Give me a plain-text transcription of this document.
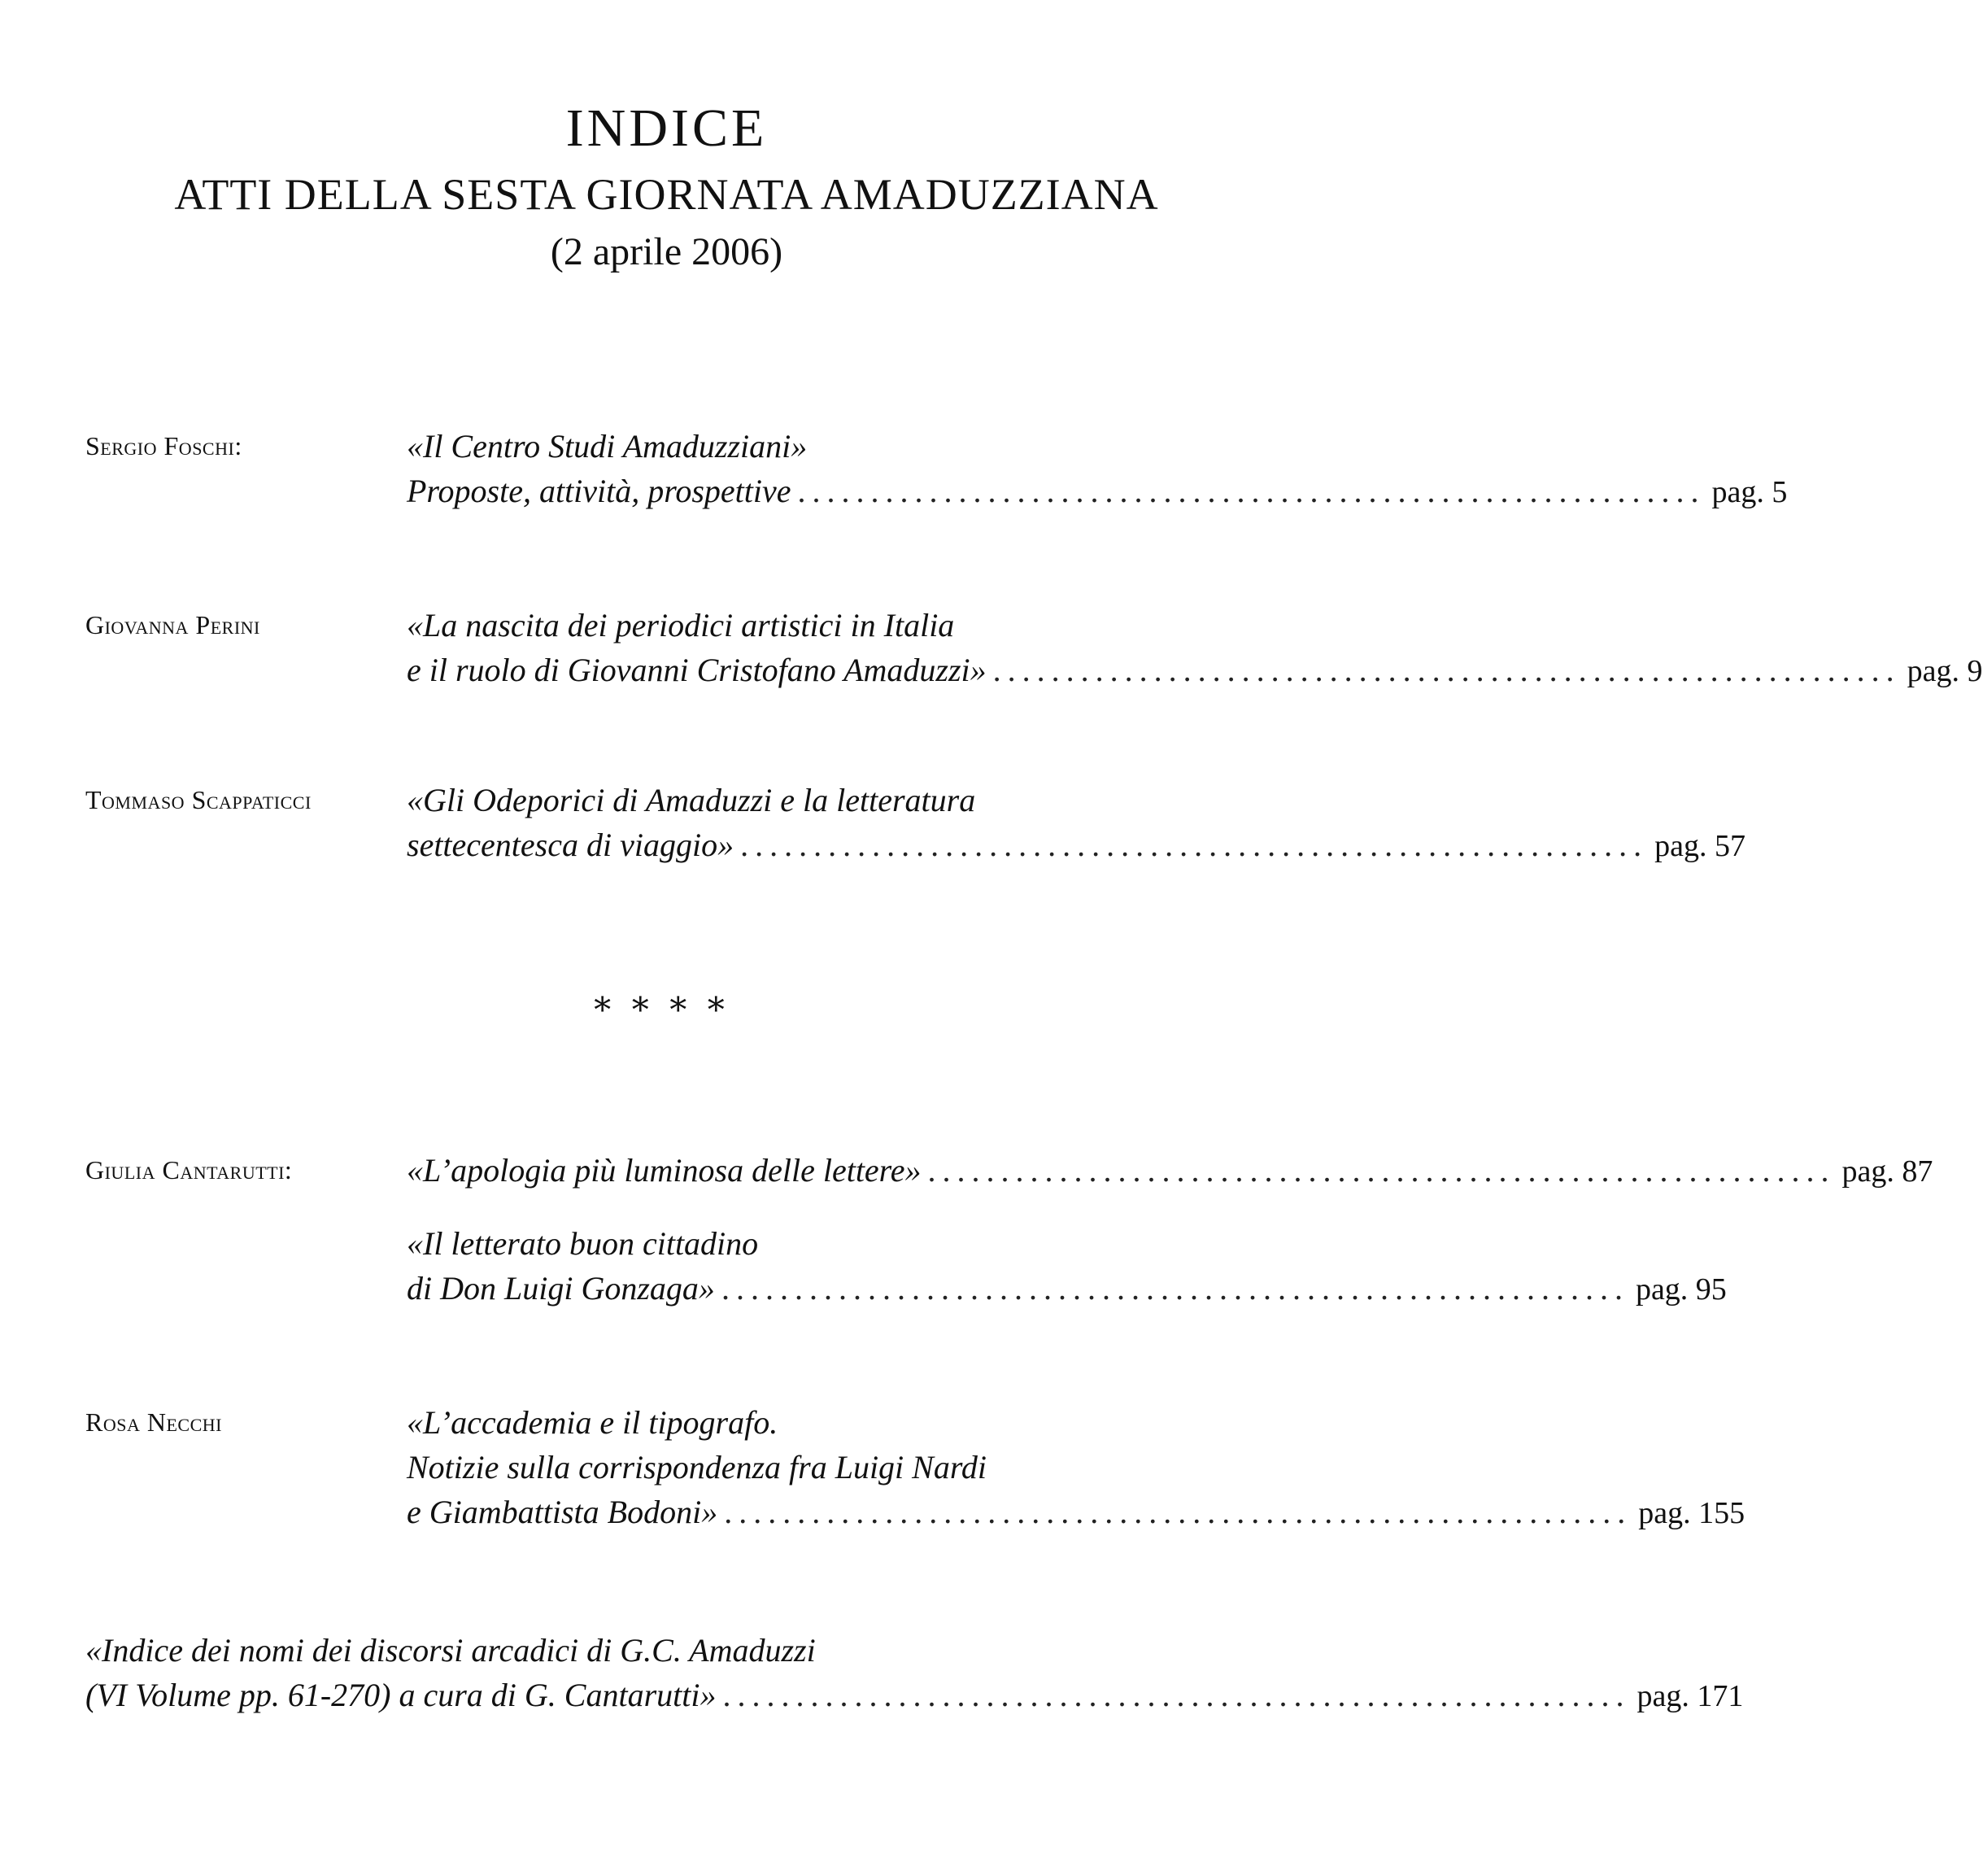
INDICE
ATTI DELLA SESTA GIORNATA AMADUZZIANA
(2 aprile 2006)
Sergio Foschi:	«Il Centro Studi Amaduzziani»
Proposte, attività, prospettive .............................................................. pag. 5
Giovanna Perini	«La nascita dei periodici artistici in Italia
e il ruolo di Giovanni Cristofano Amaduzzi» .............................................................. pag. 9
Tommaso Scappaticci	«Gli Odeporici di Amaduzzi e la letteratura
settecentesca di viaggio» .............................................................. pag. 57
∗∗∗∗
Giulia Cantarutti:	«L’apologia più luminosa delle lettere» .............................................................. pag. 87
«Il letterato buon cittadino
di Don Luigi Gonzaga» .............................................................. pag. 95
Rosa Necchi	«L’accademia e il tipografo.
Notizie sulla corrispondenza fra Luigi Nardi
e Giambattista Bodoni» .............................................................. pag. 155
«Indice dei nomi dei discorsi arcadici di G.C. Amaduzzi
(VI Volume pp. 61-270) a cura di G. Cantarutti» .............................................................. pag. 171
